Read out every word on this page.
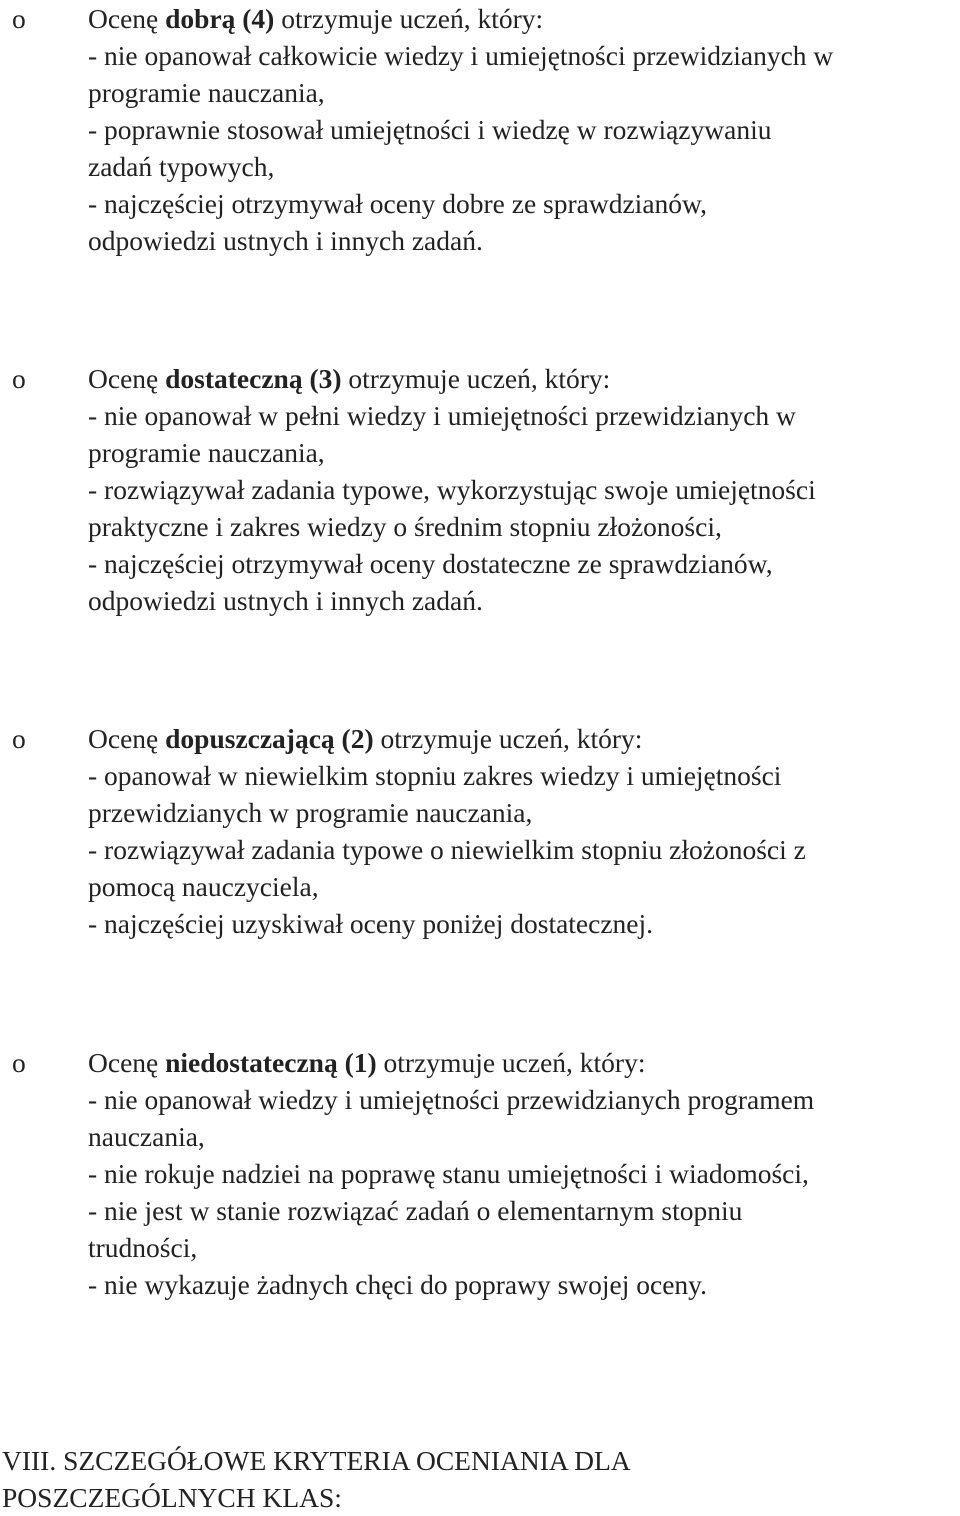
o Ocenę dobrą (4) otrzymuje uczeń, który:
- nie opanował całkowicie wiedzy i umiejętności przewidzianych w
programie nauczania,
- poprawnie stosował umiejętności i wiedzę w rozwiązywaniu
zadań typowych,
- najczęściej otrzymywał oceny dobre ze sprawdzianów,
odpowiedzi ustnych i innych zadań.
o Ocenę dostateczną (3) otrzymuje uczeń, który:
- nie opanował w pełni wiedzy i umiejętności przewidzianych w
programie nauczania,
- rozwiązywał zadania typowe, wykorzystując swoje umiejętności
praktyczne i zakres wiedzy o średnim stopniu złożoności,
- najczęściej otrzymywał oceny dostateczne ze sprawdzianów,
odpowiedzi ustnych i innych zadań.
o Ocenę dopuszczającą (2) otrzymuje uczeń, który:
- opanował w niewielkim stopniu zakres wiedzy i umiejętności
przewidzianych w programie nauczania,
- rozwiązywał zadania typowe o niewielkim stopniu złożoności z
pomocą nauczyciela,
- najczęściej uzyskiwał oceny poniżej dostatecznej.
o Ocenę niedostateczną (1) otrzymuje uczeń, który:
- nie opanował wiedzy i umiejętności przewidzianych programem
nauczania,
- nie rokuje nadziei na poprawę stanu umiejętności i wiadomości,
- nie jest w stanie rozwiązać zadań o elementarnym stopniu
trudności,
- nie wykazuje żadnych chęci do poprawy swojej oceny.
VIII. SZCZEGÓŁOWE KRYTERIA OCENIANIA DLA
POSZCZEGÓLNYCH KLAS:
